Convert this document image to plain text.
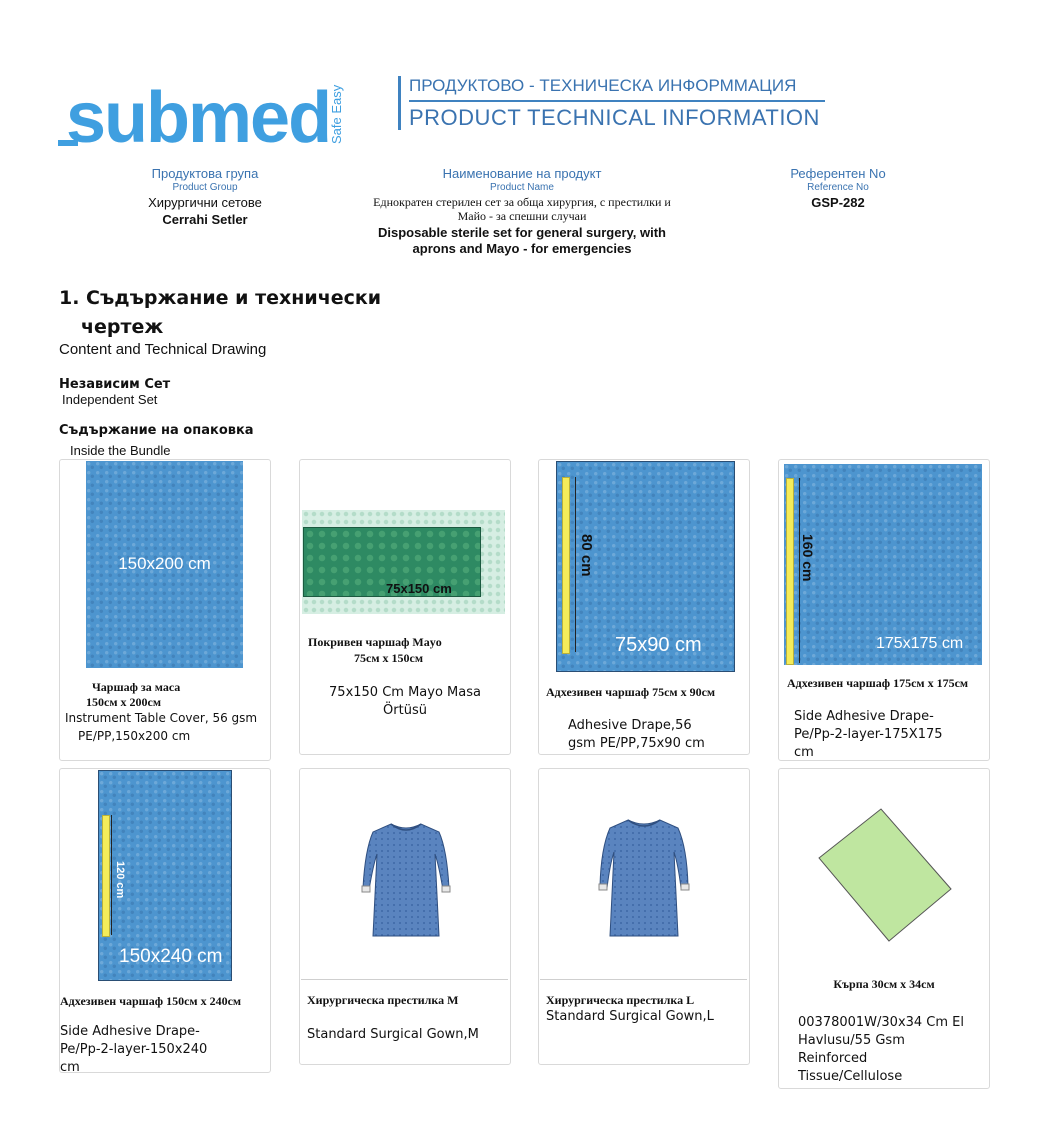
submed
Safe Easy	ПРОДУКТОВО - ТЕХНИЧЕСКА ИНФОРММАЦИЯ
PRODUCT TECHNICAL INFORMATION
Продуктова група
Product Group
Хирургични сетове
Cerrahi Setler
Наименование на продукт
Product Name
Еднократен стерилен сет за обща хирургия, с престилки и
Майо - за спешни случаи
Disposable sterile set for general surgery, with
aprons and Mayo - for emergencies
Референтен No
Reference No
GSP-282
1. Съдържание и технически
чертеж
Content and Technical Drawing
Независим Сет
Independent Set
Съдържание на опаковка
Inside the Bundle
150x200 cm
Чаршаф за маса
150см х 200см
Instrument Table Cover, 56 gsm
PE/PP,150x200 cm
75x150 cm
Покривен чаршаф Mayo
75см х 150см
75x150 Cm Mayo Masa
Örtüsü
80 cm
75x90 cm
Адхезивен чаршаф 75см х 90см
Adhesive Drape,56
gsm PE/PP,75x90 cm
160 cm
175x175 cm
Адхезивен чаршаф 175см х 175см
Side Adhesive Drape-
Pe/Pp-2-layer-175X175
cm
120 cm
150x240 cm
Адхезивен чаршаф 150см х 240см
Side Adhesive Drape-
Pe/Pp-2-layer-150x240
cm
Хирургическа престилка М
Standard Surgical Gown,M
Хирургическа престилка L
Standard Surgical Gown,L
Кърпа 30см х 34см
00378001W/30x34 Cm El
Havlusu/55 Gsm
Reinforced
Tissue/Cellulose
